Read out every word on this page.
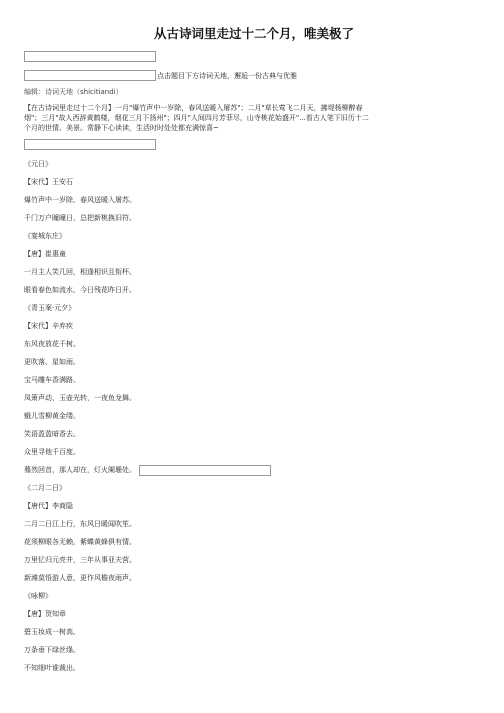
从古诗词里走过十二个月，唯美极了
点击题目下方诗词天地，邂逅一份古典与优雅
编辑：诗词天地（shicitiandi）
【在古诗词里走过十二个月】一月"爆竹声中一岁除，春风送暖入屠苏"；二月"草长莺飞二月天，拂堤杨柳醉春烟"；三月"故人西辞黄鹤楼，烟花三月下扬州"；四月"人间四月芳菲尽，山寺桃花始盛开"...看古人笔下旧历十二个月的世情、美景。常静下心读读，生活时时处处都充满惊喜~
《元日》
【宋代】王安石
爆竹声中一岁除，春风送暖入屠苏。
千门万户曈曈日，总把新桃换旧符。
《宴城东庄》
【唐】崔惠童
一月主人笑几回，相逢相识且衔杯。
眼看春色如流水，今日残花昨日开。
《青玉案·元夕》
【宋代】辛弃疾
东风夜放花千树。
更吹落、星如雨。
宝马雕车香满路。
凤箫声动，玉壶光转，一夜鱼龙舞。
蛾儿雪柳黄金缕。
笑语盈盈暗香去。
众里寻他千百度。
蓦然回首，那人却在，灯火阑珊处。
《二月二日》
【唐代】李商隐
二月二日江上行，东风日暖闻吹笙。
花须柳眼各无赖，紫蝶黄蜂俱有情。
万里忆归元亮井，三年从事亚夫营。
新滩莫悟游人意，更作风檐夜雨声。
《咏柳》
【唐】贺知章
碧玉妆成一树高,
万条垂下绿丝绦。
不知细叶谁裁出,
